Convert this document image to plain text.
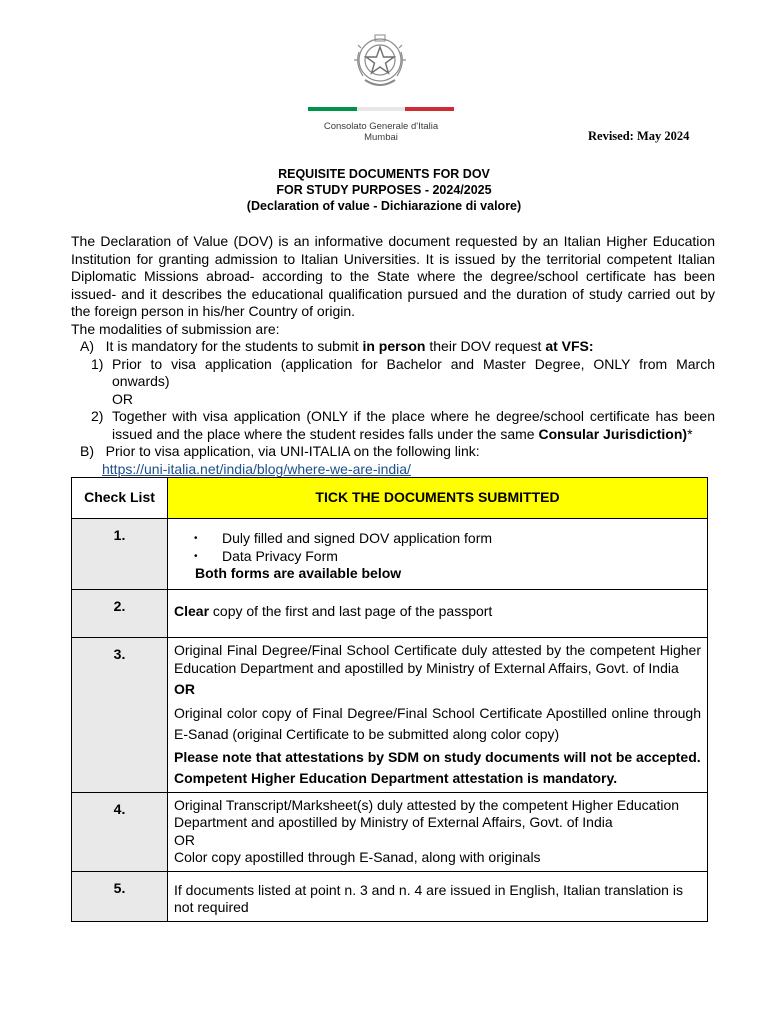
Consolato Generale d'Italia
Mumbai	Revised: May 2024
REQUISITE DOCUMENTS FOR DOV
FOR STUDY PURPOSES - 2024/2025
(Declaration of value - Dichiarazione di valore)

The Declaration of Value (DOV) is an informative document requested by an Italian Higher Education Institution for granting admission to Italian Universities. It is issued by the territorial competent Italian Diplomatic Missions abroad- according to the State where the degree/school certificate has been issued- and it describes the educational qualification pursued and the duration of study carried out by the foreign person in his/her Country of origin.

The modalities of submission are:

A) It is mandatory for the students to submit in person their DOV request at VFS:

1) Prior to visa application (application for Bachelor and Master Degree, ONLY from March onwards)

OR

2) Together with visa application (ONLY if the place where he degree/school certificate has been issued and the place where the student resides falls under the same Consular Jurisdiction)*

B) Prior to visa application, via UNI-ITALIA on the following link:

https://uni-italia.net/india/blog/where-we-are-india/

Check List	TICK THE DOCUMENTS SUBMITTED
1.	• Duly filled and signed DOV application form
• Data Privacy Form

Both forms are available below

2.	Clear copy of the first and last page of the passport
3.	Original Final Degree/Final School Certificate duly attested by the competent Higher Education Department and apostilled by Ministry of External Affairs, Govt. of India

OR

Original color copy of Final Degree/Final School Certificate Apostilled online through E-Sanad (original Certificate to be submitted along color copy)

Please note that attestations by SDM on study documents will not be accepted.

Competent Higher Education Department attestation is mandatory.

4.	Original Transcript/Marksheet(s) duly attested by the competent Higher Education Department and apostilled by Ministry of External Affairs, Govt. of India

OR

Color copy apostilled through E-Sanad, along with originals

5.	If documents listed at point n. 3 and n. 4 are issued in English, Italian translation is not required
